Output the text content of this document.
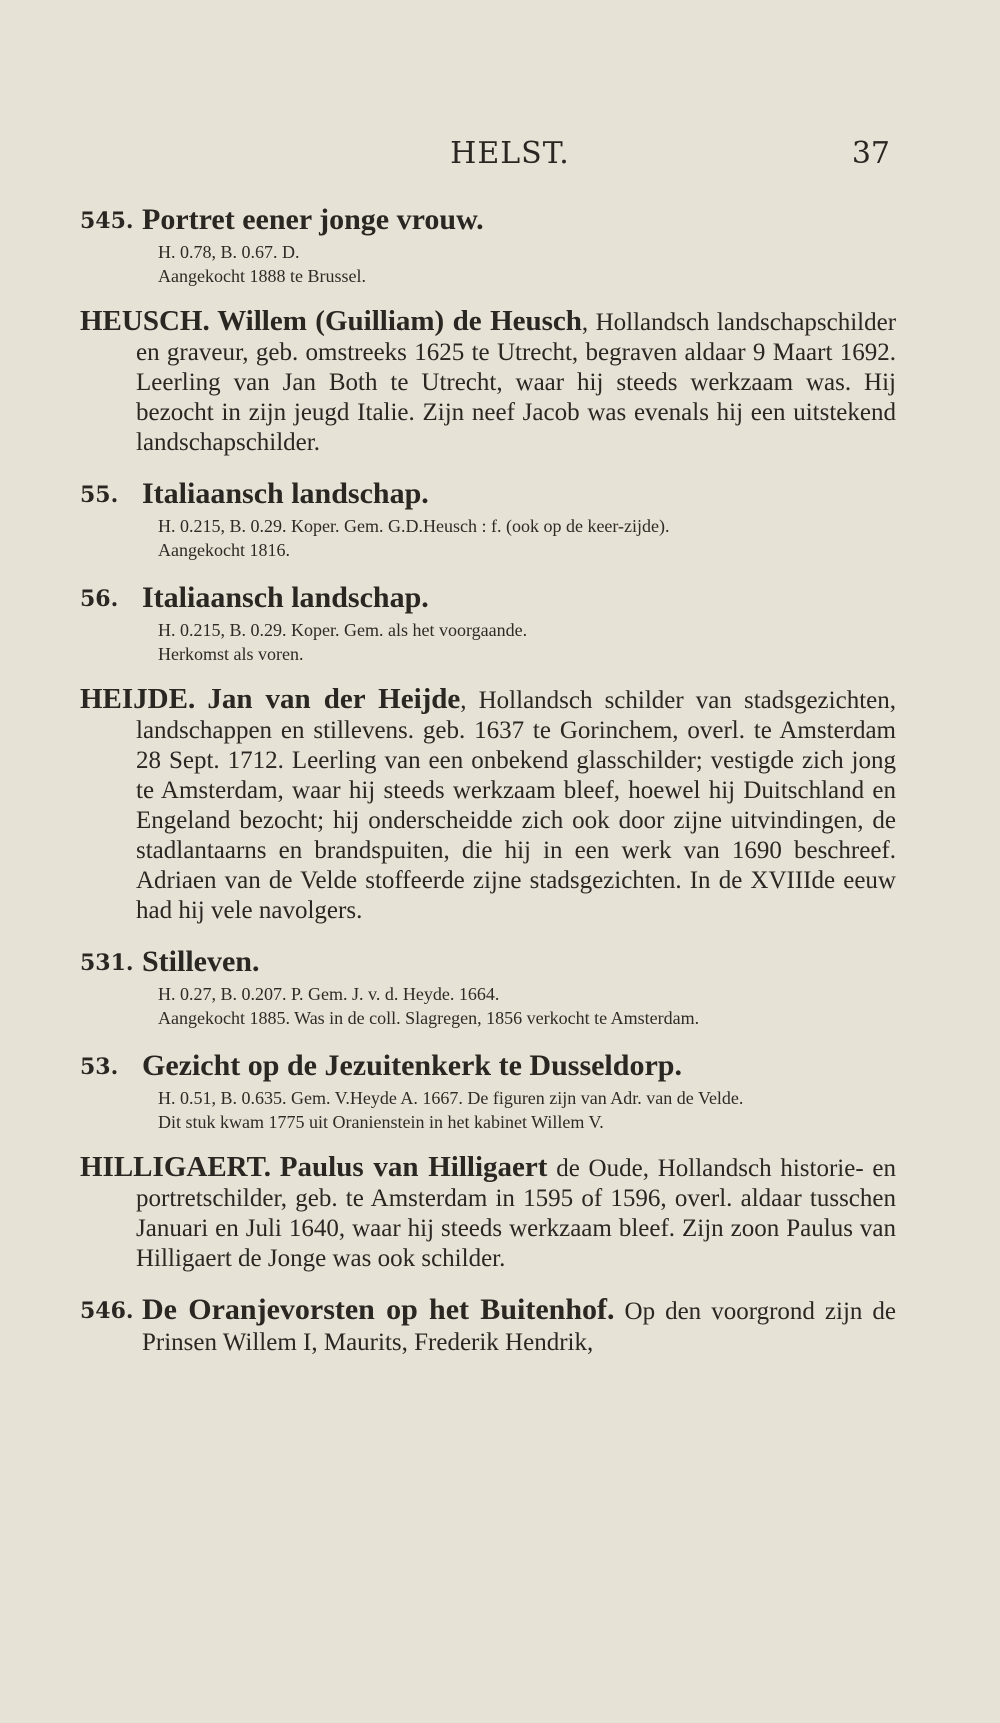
HELST.	37
545. Portret eener jonge vrouw.
H. 0.78, B. 0.67. D.
Aangekocht 1888 te Brussel.
HEUSCH. Willem (Guilliam) de Heusch, Hollandsch landschapschilder en graveur, geb. omstreeks 1625 te Utrecht, begraven aldaar 9 Maart 1692. Leerling van Jan Both te Utrecht, waar hij steeds werkzaam was. Hij bezocht in zijn jeugd Italie. Zijn neef Jacob was evenals hij een uitstekend landschapschilder.
55. Italiaansch landschap.
H. 0.215, B. 0.29. Koper. Gem. G.D.Heusch : f. (ook op de keer-zijde).
Aangekocht 1816.
56. Italiaansch landschap.
H. 0.215, B. 0.29. Koper. Gem. als het voorgaande.
Herkomst als voren.
HEIJDE. Jan van der Heijde, Hollandsch schilder van stadsgezichten, landschappen en stillevens. geb. 1637 te Gorinchem, overl. te Amsterdam 28 Sept. 1712. Leerling van een onbekend glasschilder; vestigde zich jong te Amsterdam, waar hij steeds werkzaam bleef, hoewel hij Duitschland en Engeland bezocht; hij onderscheidde zich ook door zijne uitvindingen, de stadlantaarns en brandspuiten, die hij in een werk van 1690 beschreef. Adriaen van de Velde stoffeerde zijne stadsgezichten. In de XVIIIde eeuw had hij vele navolgers.
531. Stilleven.
H. 0.27, B. 0.207. P. Gem. J. v. d. Heyde. 1664.
Aangekocht 1885. Was in de coll. Slagregen, 1856 verkocht te Amsterdam.
53. Gezicht op de Jezuitenkerk te Dusseldorp.
H. 0.51, B. 0.635. Gem. V.Heyde A. 1667. De figuren zijn van Adr. van de Velde.
Dit stuk kwam 1775 uit Oranienstein in het kabinet Willem V.
HILLIGAERT. Paulus van Hilligaert de Oude, Hollandsch historie- en portretschilder, geb. te Amsterdam in 1595 of 1596, overl. aldaar tusschen Januari en Juli 1640, waar hij steeds werkzaam bleef. Zijn zoon Paulus van Hilligaert de Jonge was ook schilder.
546. De Oranjevorsten op het Buitenhof. Op den voorgrond zijn de Prinsen Willem I, Maurits, Frederik Hendrik,
